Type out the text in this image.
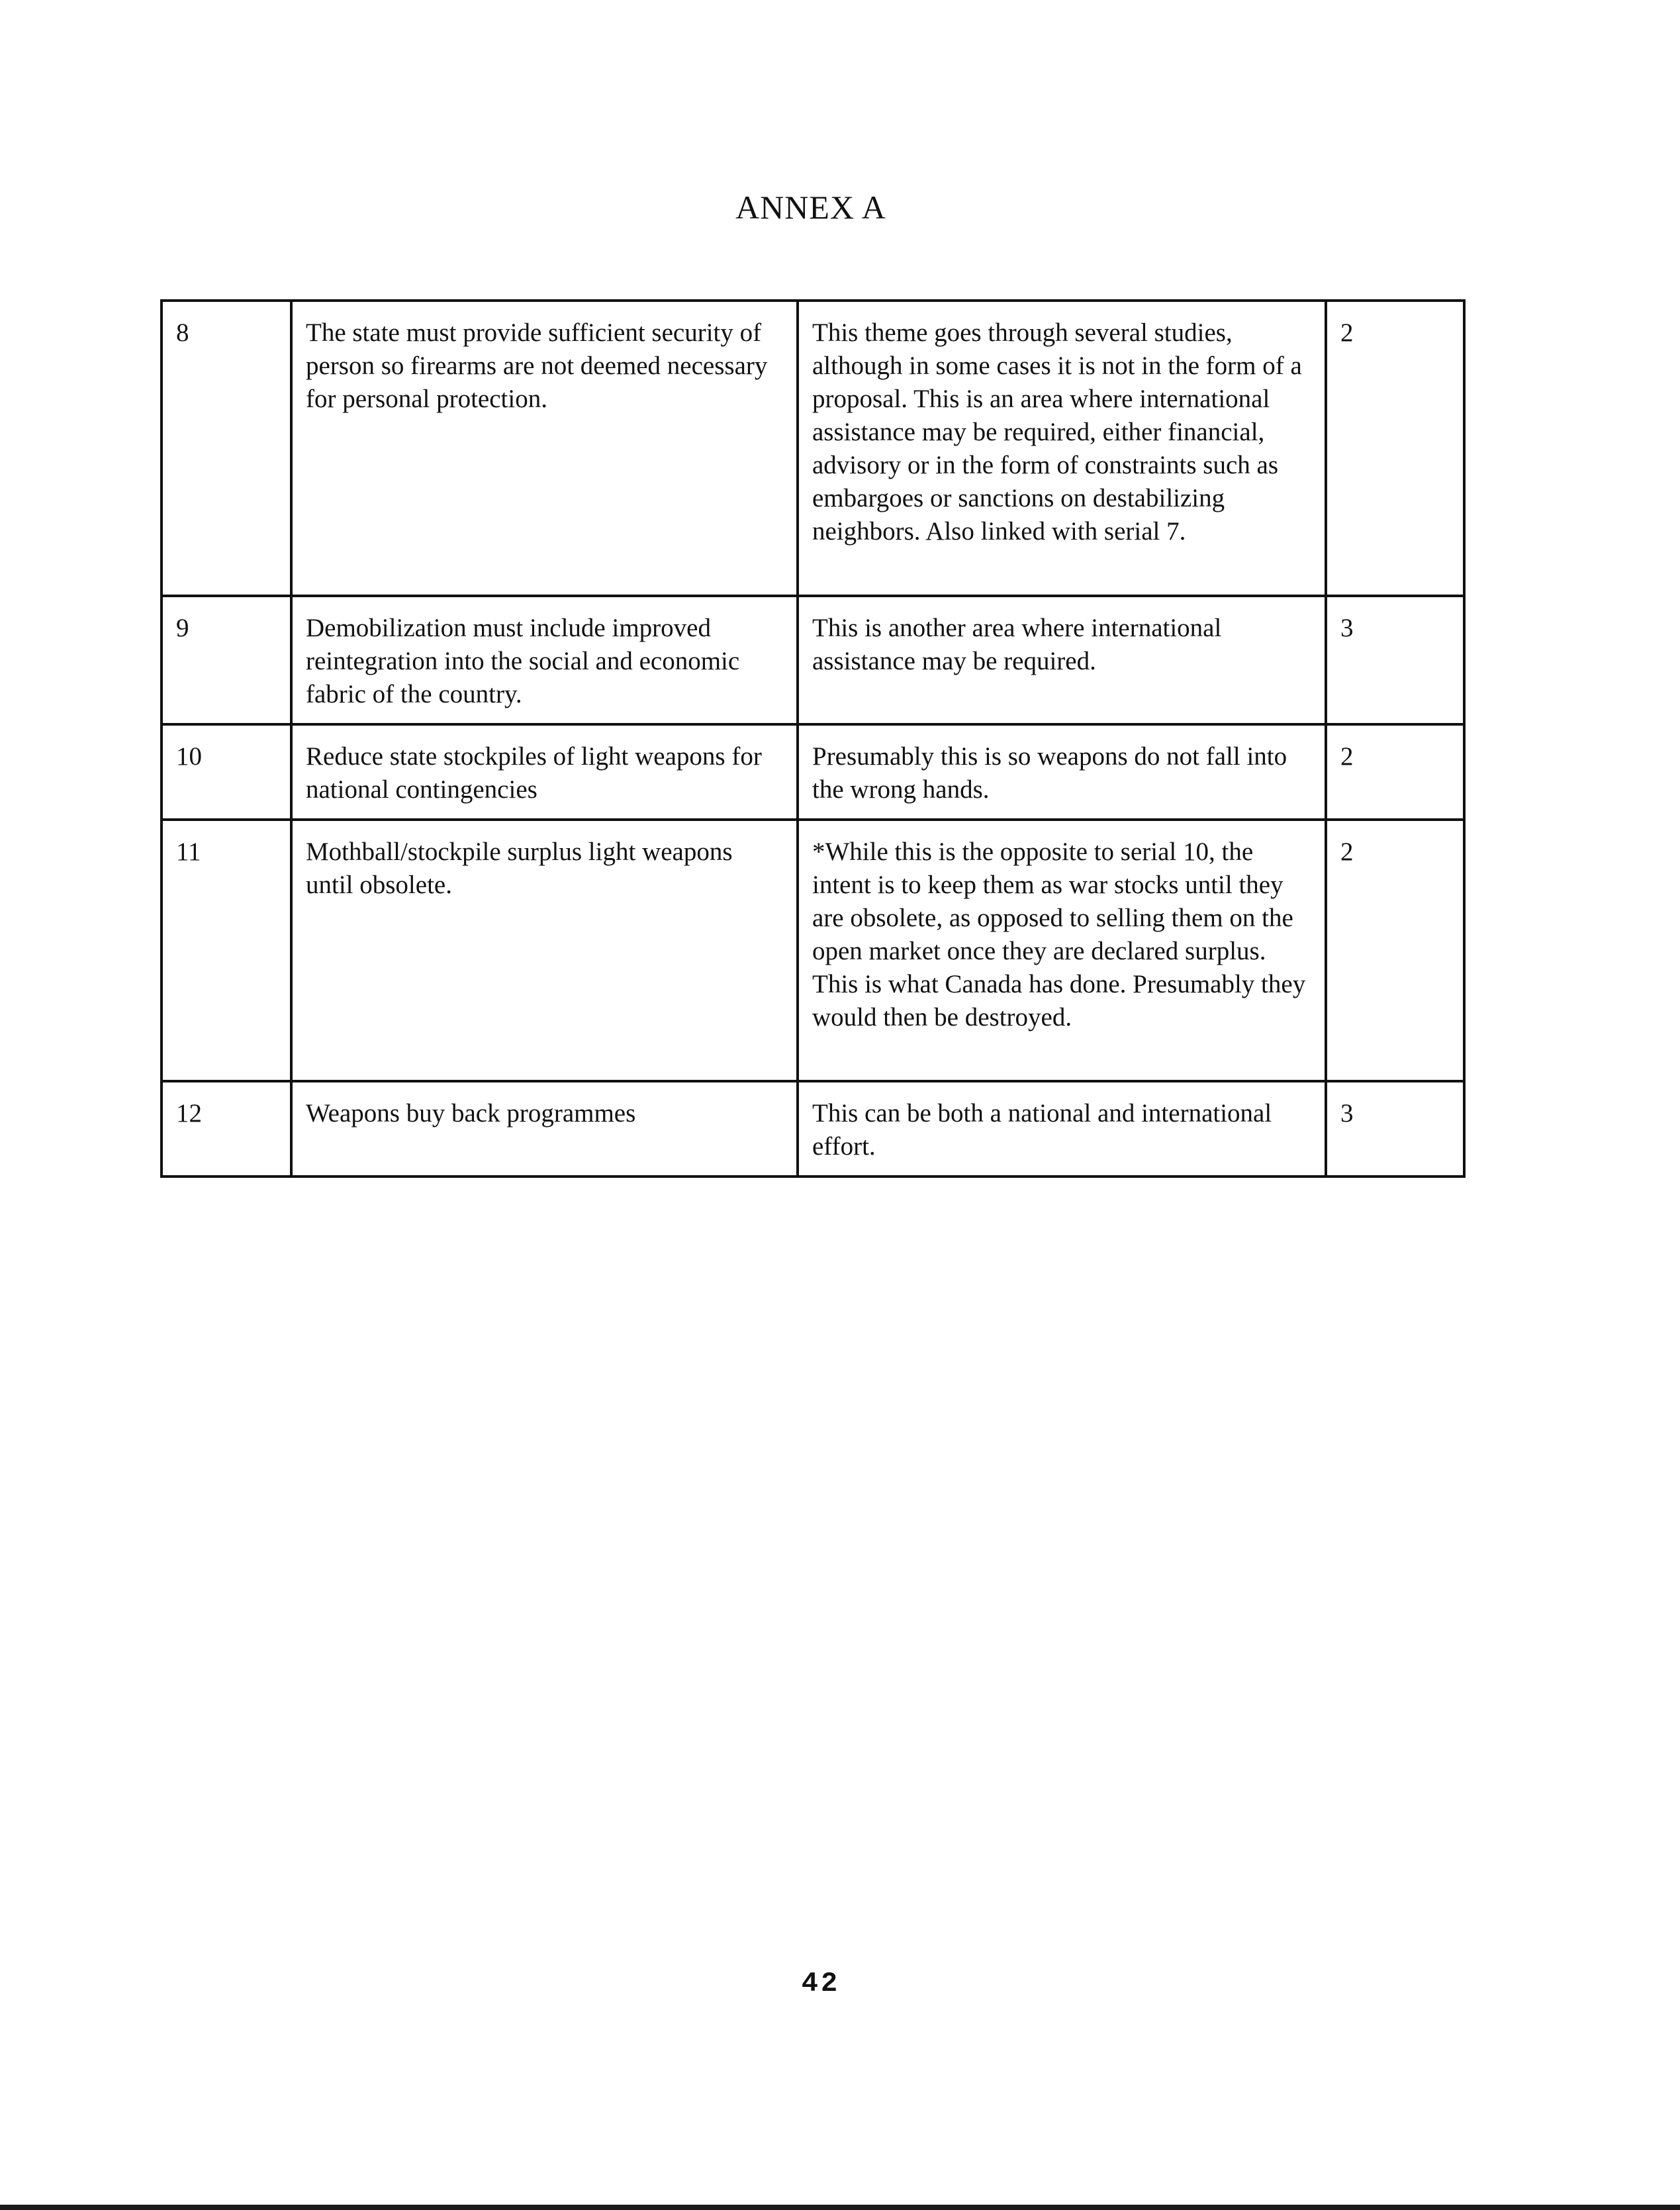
ANNEX A
8	The state must provide sufficient security of person so firearms are not deemed necessary for personal protection.	This theme goes through several studies, although in some cases it is not in the form of a proposal. This is an area where international assistance may be required, either financial, advisory or in the form of constraints such as embargoes or sanctions on destabilizing neighbors. Also linked with serial 7.	2
9	Demobilization must include improved reintegration into the social and economic fabric of the country.	This is another area where international assistance may be required.	3
10	Reduce state stockpiles of light weapons for national contingencies	Presumably this is so weapons do not fall into the wrong hands.	2
11	Mothball/stockpile surplus light weapons until obsolete.	*While this is the opposite to serial 10, the intent is to keep them as war stocks until they are obsolete, as opposed to selling them on the open market once they are declared surplus. This is what Canada has done. Presumably they would then be destroyed.	2
12	Weapons buy back programmes	This can be both a national and international effort.	3
42
